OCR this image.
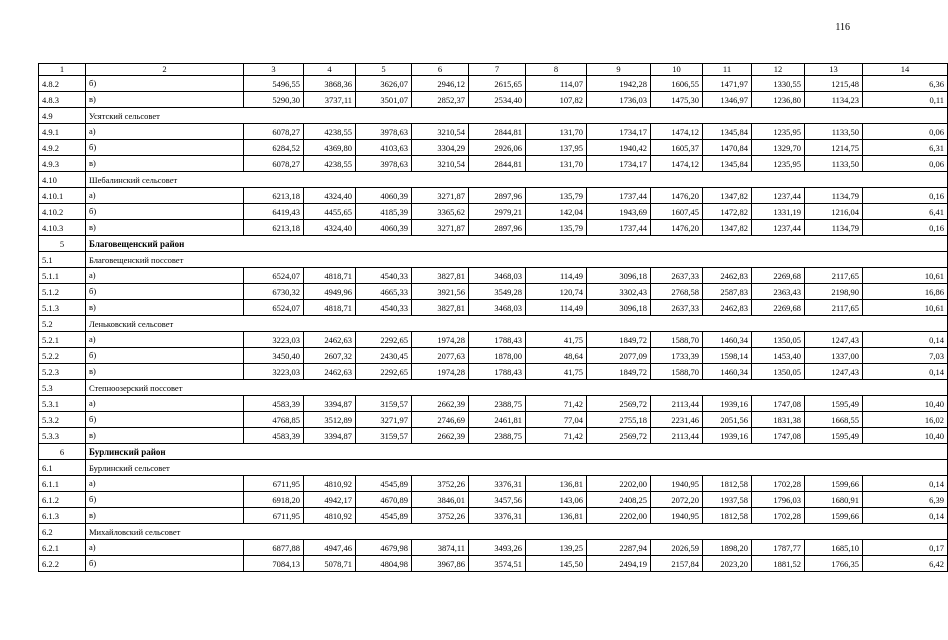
116
1	2	3	4	5	6	7	8	9	10	11	12	13	14
4.8.2	б)	5496,55	3868,36	3626,07	2946,12	2615,65	114,07	1942,28	1606,55	1471,97	1330,55	1215,48	6,36
4.8.3	в)	5290,30	3737,11	3501,07	2852,37	2534,40	107,82	1736,03	1475,30	1346,97	1236,80	1134,23	0,11
4.9	Усятский сельсовет												
4.9.1	а)	6078,27	4238,55	3978,63	3210,54	2844,81	131,70	1734,17	1474,12	1345,84	1235,95	1133,50	0,06
4.9.2	б)	6284,52	4369,80	4103,63	3304,29	2926,06	137,95	1940,42	1605,37	1470,84	1329,70	1214,75	6,31
4.9.3	в)	6078,27	4238,55	3978,63	3210,54	2844,81	131,70	1734,17	1474,12	1345,84	1235,95	1133,50	0,06
4.10	Шебалинский сельсовет												
4.10.1	а)	6213,18	4324,40	4060,39	3271,87	2897,96	135,79	1737,44	1476,20	1347,82	1237,44	1134,79	0,16
4.10.2	б)	6419,43	4455,65	4185,39	3365,62	2979,21	142,04	1943,69	1607,45	1472,82	1331,19	1216,04	6,41
4.10.3	в)	6213,18	4324,40	4060,39	3271,87	2897,96	135,79	1737,44	1476,20	1347,82	1237,44	1134,79	0,16
5	Благовещенский район												
5.1	Благовещенский поссовет												
5.1.1	а)	6524,07	4818,71	4540,33	3827,81	3468,03	114,49	3096,18	2637,33	2462,83	2269,68	2117,65	10,61
5.1.2	б)	6730,32	4949,96	4665,33	3921,56	3549,28	120,74	3302,43	2768,58	2587,83	2363,43	2198,90	16,86
5.1.3	в)	6524,07	4818,71	4540,33	3827,81	3468,03	114,49	3096,18	2637,33	2462,83	2269,68	2117,65	10,61
5.2	Леньковский сельсовет												
5.2.1	а)	3223,03	2462,63	2292,65	1974,28	1788,43	41,75	1849,72	1588,70	1460,34	1350,05	1247,43	0,14
5.2.2	б)	3450,40	2607,32	2430,45	2077,63	1878,00	48,64	2077,09	1733,39	1598,14	1453,40	1337,00	7,03
5.2.3	в)	3223,03	2462,63	2292,65	1974,28	1788,43	41,75	1849,72	1588,70	1460,34	1350,05	1247,43	0,14
5.3	Степноозерский поссовет												
5.3.1	а)	4583,39	3394,87	3159,57	2662,39	2388,75	71,42	2569,72	2113,44	1939,16	1747,08	1595,49	10,40
5.3.2	б)	4768,85	3512,89	3271,97	2746,69	2461,81	77,04	2755,18	2231,46	2051,56	1831,38	1668,55	16,02
5.3.3	в)	4583,39	3394,87	3159,57	2662,39	2388,75	71,42	2569,72	2113,44	1939,16	1747,08	1595,49	10,40
6	Бурлинский район												
6.1	Бурлинский сельсовет												
6.1.1	а)	6711,95	4810,92	4545,89	3752,26	3376,31	136,81	2202,00	1940,95	1812,58	1702,28	1599,66	0,14
6.1.2	б)	6918,20	4942,17	4670,89	3846,01	3457,56	143,06	2408,25	2072,20	1937,58	1796,03	1680,91	6,39
6.1.3	в)	6711,95	4810,92	4545,89	3752,26	3376,31	136,81	2202,00	1940,95	1812,58	1702,28	1599,66	0,14
6.2	Михайловский сельсовет												
6.2.1	а)	6877,88	4947,46	4679,98	3874,11	3493,26	139,25	2287,94	2026,59	1898,20	1787,77	1685,10	0,17
6.2.2	б)	7084,13	5078,71	4804,98	3967,86	3574,51	145,50	2494,19	2157,84	2023,20	1881,52	1766,35	6,42
